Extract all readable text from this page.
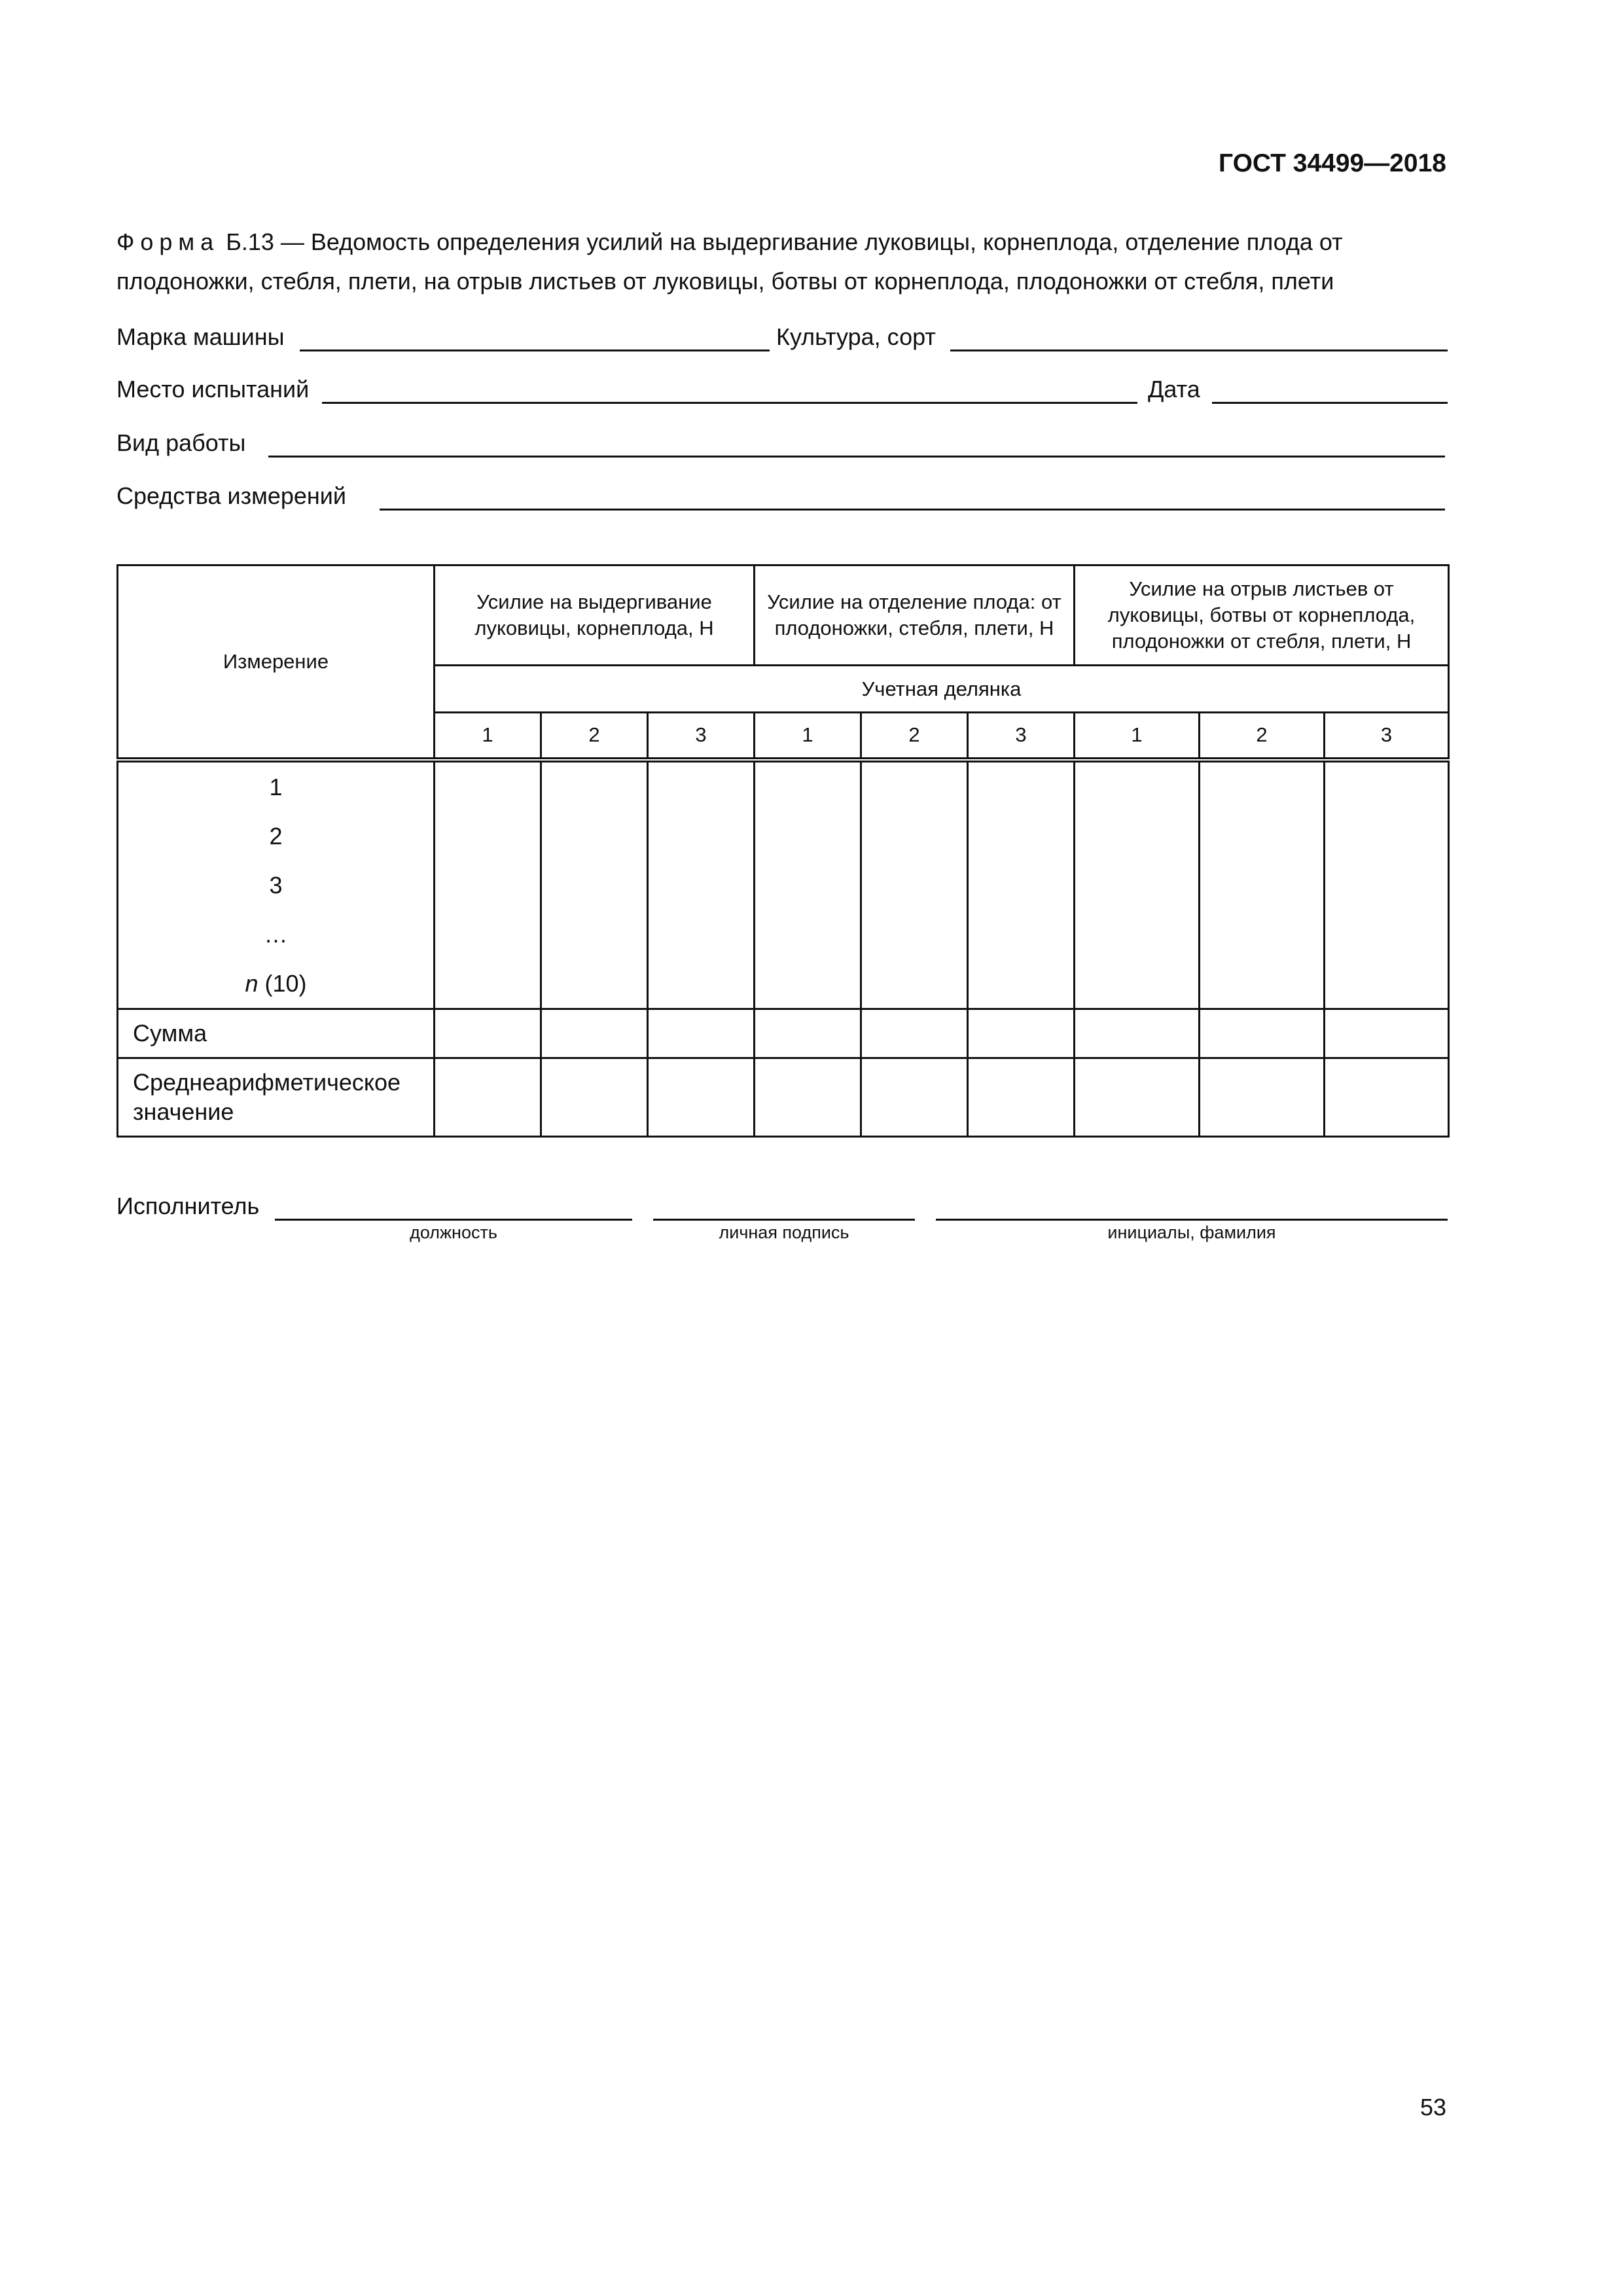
ГОСТ 34499—2018
Форма Б.13 — Ведомость определения усилий на выдергивание луковицы, корнеплода, отделение плода от плодоножки, стебля, плети, на отрыв листьев от луковицы, ботвы от корнеплода, плодоножки от стебля, плети
Марка машины	Культура, сорт
Место испытаний	Дата
Вид работы
Средства измерений
Измерение	Усилие на выдергивание луковицы, корнеплода, Н			Усилие на отделение плода: от плодоножки, стебля, плети, Н			Усилие на отрыв листьев от луковицы, ботвы от корнеплода, плодоножки от стебля, плети, Н		
	Учетная делянка								
	1	2	3	1	2	3	1	2	3

1
2
3
…
n (10)									

Сумма									
Среднеарифметическое значение									
Исполнитель
должность	личная подпись	инициалы, фамилия
53
